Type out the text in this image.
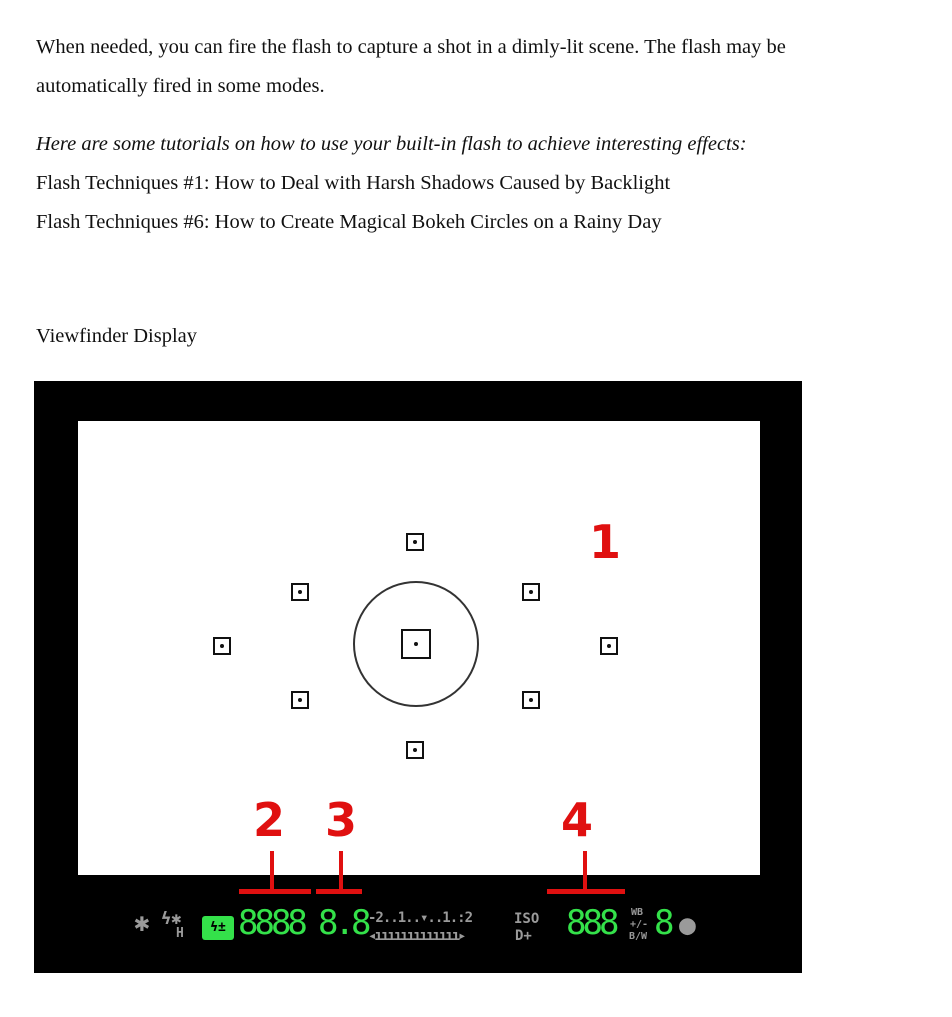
When needed, you can fire the flash to capture a shot in a dimly-lit scene. The flash may be
automatically fired in some modes.
Here are some tutorials on how to use your built-in flash to achieve interesting effects:
Flash Techniques #1: How to Deal with Harsh Shadows Caused by Backlight
Flash Techniques #6: How to Create Magical Bokeh Circles on a Rainy Day
Viewfinder Display
1
2 3	4
✱ ϟ✱
H	ϟ± 8888 8.8 -2..1..▾..1.:2
◂ııııııııııııı▸
ISO
D+ 888 WB
+/-
B/W 8 ●
